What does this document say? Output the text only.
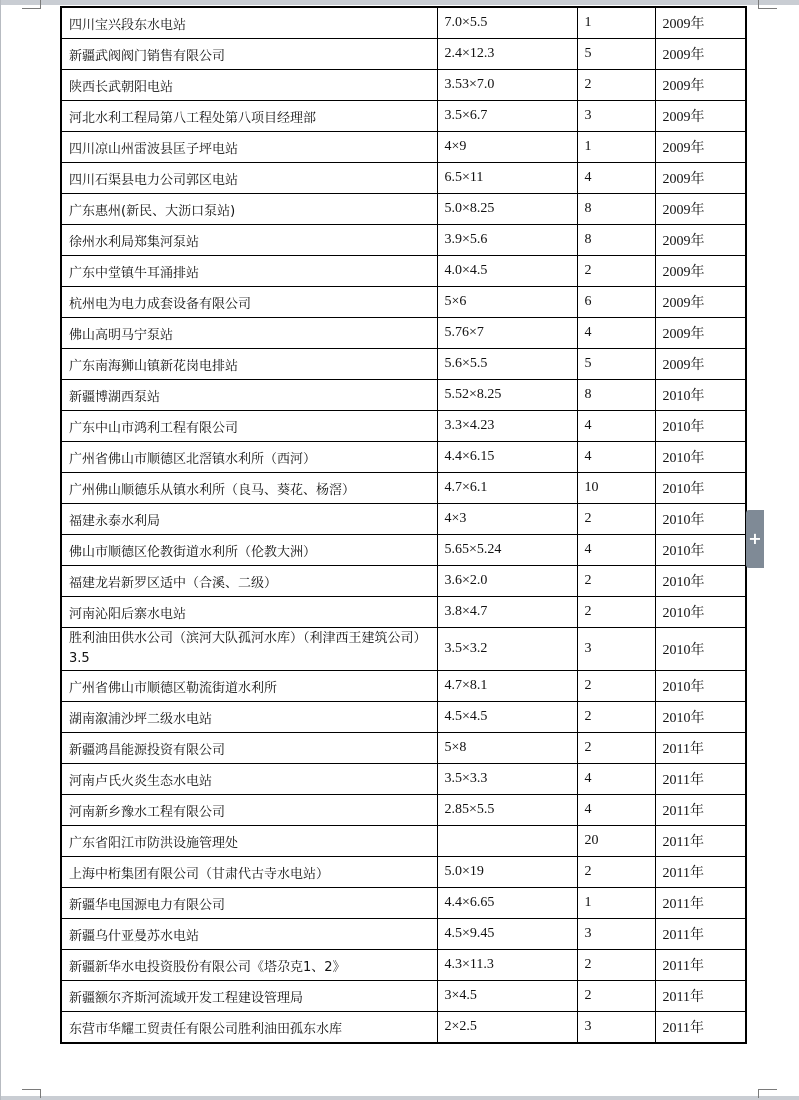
四川宝兴段东水电站	7.0×5.5	1	2009年
新疆武阀阀门销售有限公司	2.4×12.3	5	2009年
陕西长武朝阳电站	3.53×7.0	2	2009年
河北水利工程局第八工程处第八项目经理部	3.5×6.7	3	2009年
四川凉山州雷波县匡子坪电站	4×9	1	2009年
四川石渠县电力公司郭区电站	6.5×11	4	2009年
广东惠州(新民、大沥口泵站)	5.0×8.25	8	2009年
徐州水利局郑集河泵站	3.9×5.6	8	2009年
广东中堂镇牛耳涌排站	4.0×4.5	2	2009年
杭州电为电力成套设备有限公司	5×6	6	2009年
佛山高明马宁泵站	5.76×7	4	2009年
广东南海狮山镇新花岗电排站	5.6×5.5	5	2009年
新疆博湖西泵站	5.52×8.25	8	2010年
广东中山市鸿利工程有限公司	3.3×4.23	4	2010年
广州省佛山市顺德区北滘镇水利所（西河）	4.4×6.15	4	2010年
广州佛山顺德乐从镇水利所（良马、葵花、杨滘）	4.7×6.1	10	2010年
福建永泰水利局	4×3	2	2010年
佛山市顺德区伦教街道水利所（伦教大洲）	5.65×5.24	4	2010年
福建龙岩新罗区适中（合溪、二级）	3.6×2.0	2	2010年
河南沁阳后寨水电站	3.8×4.7	2	2010年
胜利油田供水公司（滨河大队孤河水库）（利津西王建筑公司）3.5	3.5×3.2	3	2010年
广州省佛山市顺德区勒流街道水利所	4.7×8.1	2	2010年
湖南溆浦沙坪二级水电站	4.5×4.5	2	2010年
新疆鸿昌能源投资有限公司	5×8	2	2011年
河南卢氏火炎生态水电站	3.5×3.3	4	2011年
河南新乡豫水工程有限公司	2.85×5.5	4	2011年
广东省阳江市防洪设施管理处		20	2011年
上海中桁集团有限公司（甘肃代古寺水电站）	5.0×19	2	2011年
新疆华电国源电力有限公司	4.4×6.65	1	2011年
新疆乌什亚曼苏水电站	4.5×9.45	3	2011年
新疆新华水电投资股份有限公司《塔尕克1、2》	4.3×11.3	2	2011年
新疆额尔齐斯河流域开发工程建设管理局	3×4.5	2	2011年
东营市华耀工贸责任有限公司胜利油田孤东水库	2×2.5	3	2011年
+
